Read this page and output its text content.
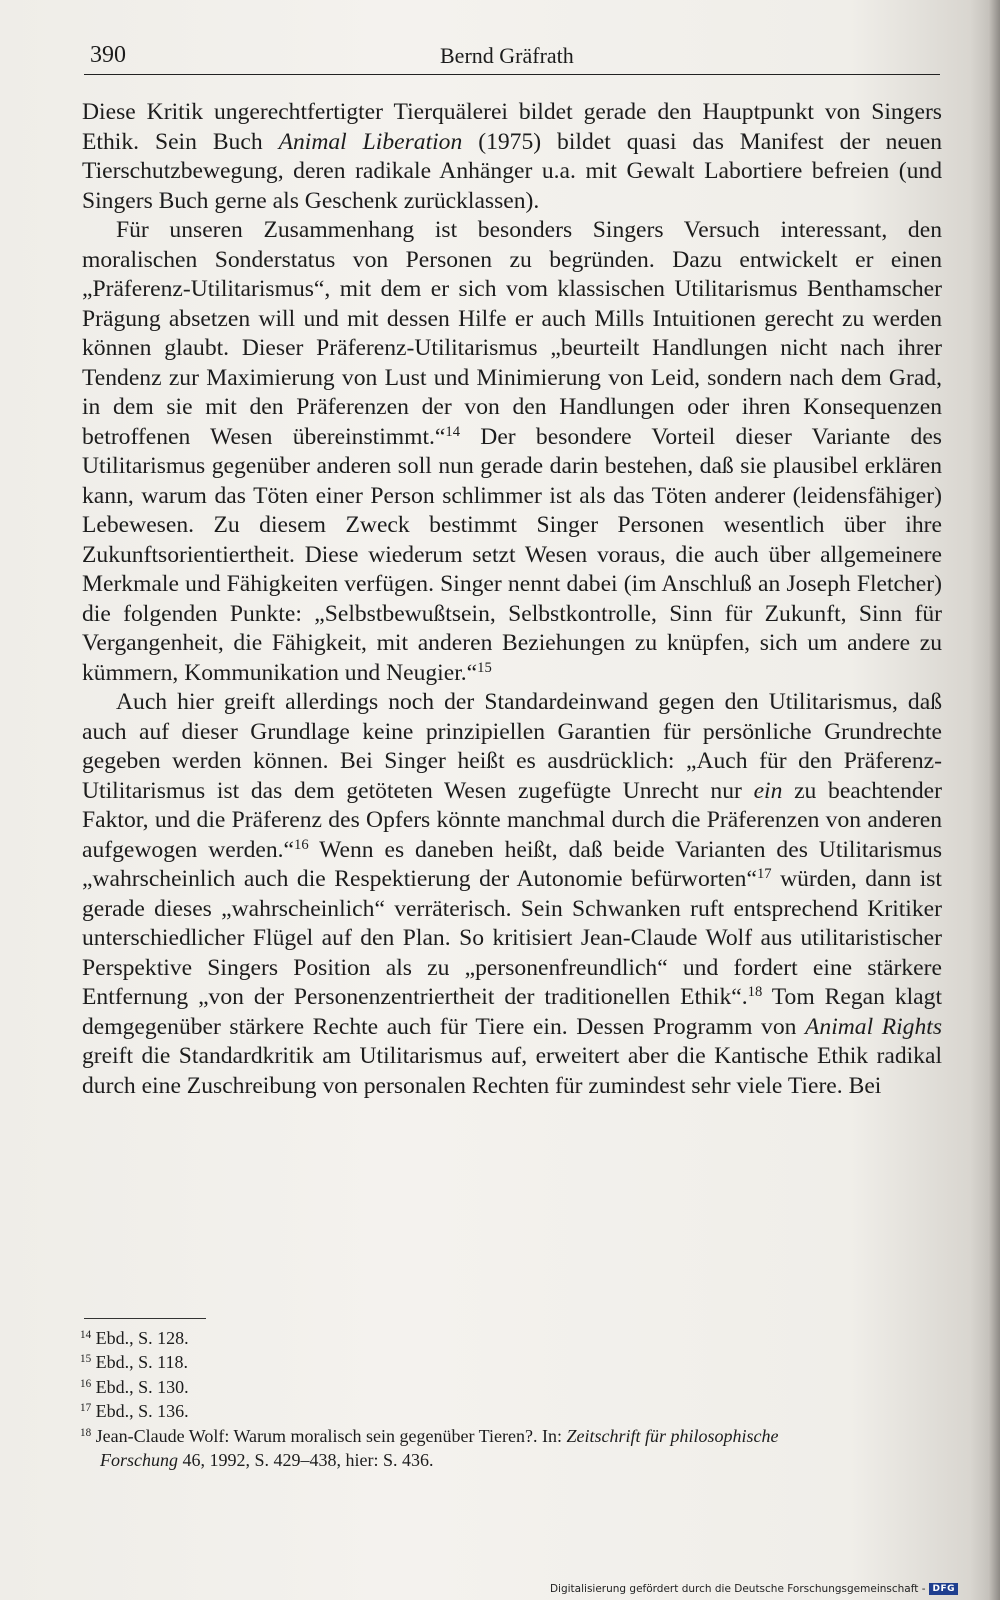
390	Bernd Gräfrath

Diese Kritik ungerechtfertigter Tierquälerei bildet gerade den Hauptpunkt von Singers Ethik. Sein Buch Animal Liberation (1975) bildet quasi das Manifest der neuen Tierschutzbewegung, deren radikale Anhänger u.a. mit Gewalt Labortiere befreien (und Singers Buch gerne als Geschenk zurücklassen).

Für unseren Zusammenhang ist besonders Singers Versuch interessant, den moralischen Sonderstatus von Personen zu begründen. Dazu entwickelt er einen „Präferenz-Utilitarismus“, mit dem er sich vom klassischen Utilitarismus Benthamscher Prägung absetzen will und mit dessen Hilfe er auch Mills Intuitionen gerecht zu werden können glaubt. Dieser Präferenz-Utilitarismus „beurteilt Handlungen nicht nach ihrer Tendenz zur Maximierung von Lust und Minimierung von Leid, sondern nach dem Grad, in dem sie mit den Präferenzen der von den Handlungen oder ihren Konsequenzen betroffenen Wesen übereinstimmt.“$^{14}$ Der besondere Vorteil dieser Variante des Utilitarismus gegenüber anderen soll nun gerade darin bestehen, daß sie plausibel erklären kann, warum das Töten einer Person schlimmer ist als das Töten anderer (leidensfähiger) Lebewesen. Zu diesem Zweck bestimmt Singer Personen wesentlich über ihre Zukunftsorientiertheit. Diese wiederum setzt Wesen voraus, die auch über allgemeinere Merkmale und Fähigkeiten verfügen. Singer nennt dabei (im Anschluß an Joseph Fletcher) die folgenden Punkte: „Selbstbewußtsein, Selbstkontrolle, Sinn für Zukunft, Sinn für Vergangenheit, die Fähigkeit, mit anderen Beziehungen zu knüpfen, sich um andere zu kümmern, Kommunikation und Neugier.“$^{15}$

Auch hier greift allerdings noch der Standardeinwand gegen den Utilitarismus, daß auch auf dieser Grundlage keine prinzipiellen Garantien für persönliche Grundrechte gegeben werden können. Bei Singer heißt es ausdrücklich: „Auch für den Präferenz-Utilitarismus ist das dem getöteten Wesen zugefügte Unrecht nur ein zu beachtender Faktor, und die Präferenz des Opfers könnte manchmal durch die Präferenzen von anderen aufgewogen werden.“$^{16}$ Wenn es daneben heißt, daß beide Varianten des Utilitarismus „wahrscheinlich auch die Respektierung der Autonomie befürworten“$^{17}$ würden, dann ist gerade dieses „wahrscheinlich“ verräterisch. Sein Schwanken ruft entsprechend Kritiker unterschiedlicher Flügel auf den Plan. So kritisiert Jean-Claude Wolf aus utilitaristischer Perspektive Singers Position als zu „personenfreundlich“ und fordert eine stärkere Entfernung „von der Personenzentriertheit der traditionellen Ethik“.$^{18}$ Tom Regan klagt demgegenüber stärkere Rechte auch für Tiere ein. Dessen Programm von Animal Rights greift die Standardkritik am Utilitarismus auf, erweitert aber die Kantische Ethik radikal durch eine Zuschreibung von personalen Rechten für zumindest sehr viele Tiere. Bei

$^{14}$ Ebd., S. 128.

$^{15}$ Ebd., S. 118.

$^{16}$ Ebd., S. 130.

$^{17}$ Ebd., S. 136.

$^{18}$ Jean-Claude Wolf: Warum moralisch sein gegenüber Tieren?. In: Zeitschrift für philosophische

Forschung 46, 1992, S. 429–438, hier: S. 436.

Digitalisierung gefördert durch die Deutsche Forschungsgemeinschaft - DFG
